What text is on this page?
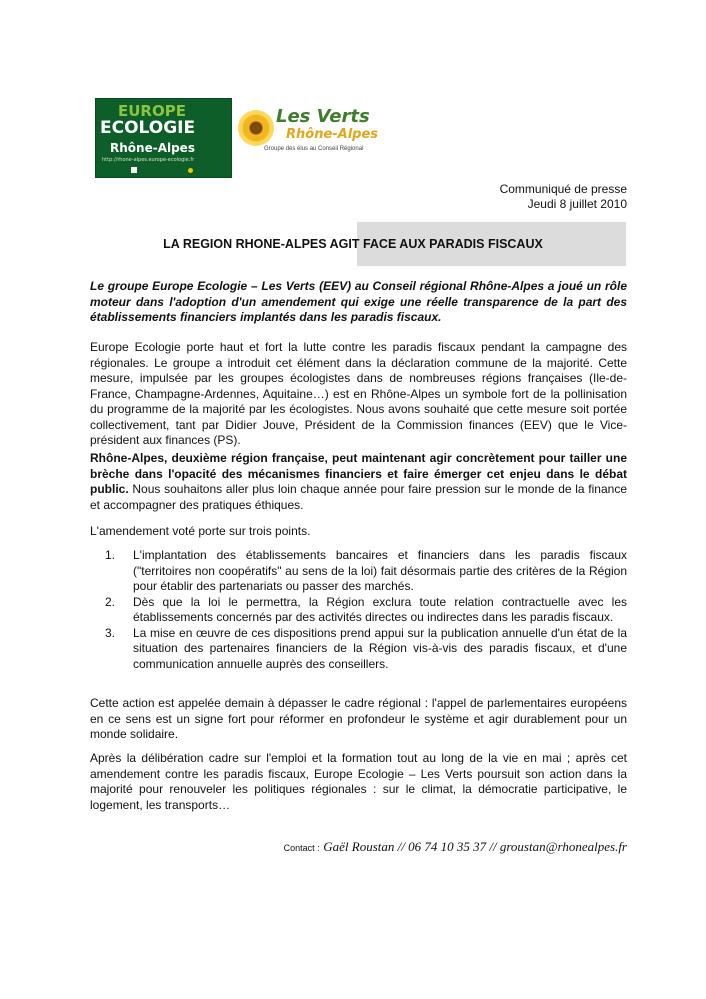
EUROPE
ECOLOGIE
Rhône-Alpes
http://rhone-alpes.europe-ecologie.fr
Les Verts
Rhône-Alpes
Groupe des élus au Conseil Régional
Communiqué de presse
Jeudi 8 juillet 2010
LA REGION RHONE-ALPES AGIT FACE AUX PARADIS FISCAUX
Le groupe Europe Ecologie – Les Verts (EEV) au Conseil régional Rhône-Alpes a joué un rôle moteur dans l'adoption d'un amendement qui exige une réelle transparence de la part des établissements financiers implantés dans les paradis fiscaux.
Europe Ecologie porte haut et fort la lutte contre les paradis fiscaux pendant la campagne des régionales. Le groupe a introduit cet élément dans la déclaration commune de la majorité. Cette mesure, impulsée par les groupes écologistes dans de nombreuses régions françaises (Ile-de-France, Champagne-Ardennes, Aquitaine…) est en Rhône-Alpes un symbole fort de la pollinisation du programme de la majorité par les écologistes. Nous avons souhaité que cette mesure soit portée collectivement, tant par Didier Jouve, Président de la Commission finances (EEV) que le Vice-président aux finances (PS).
Rhône-Alpes, deuxième région française, peut maintenant agir concrètement pour tailler une brèche dans l'opacité des mécanismes financiers et faire émerger cet enjeu dans le débat public. Nous souhaitons aller plus loin chaque année pour faire pression sur le monde de la finance et accompagner des pratiques éthiques.
L'amendement voté porte sur trois points.
1. L'implantation des établissements bancaires et financiers dans les paradis fiscaux ("territoires non coopératifs" au sens de la loi) fait désormais partie des critères de la Région pour établir des partenariats ou passer des marchés.
2. Dès que la loi le permettra, la Région exclura toute relation contractuelle avec les établissements concernés par des activités directes ou indirectes dans les paradis fiscaux.
3. La mise en œuvre de ces dispositions prend appui sur la publication annuelle d'un état de la situation des partenaires financiers de la Région vis-à-vis des paradis fiscaux, et d'une communication annuelle auprès des conseillers.
Cette action est appelée demain à dépasser le cadre régional : l'appel de parlementaires européens en ce sens est un signe fort pour réformer en profondeur le système et agir durablement pour un monde solidaire.
Après la délibération cadre sur l'emploi et la formation tout au long de la vie en mai ; après cet amendement contre les paradis fiscaux, Europe Ecologie – Les Verts poursuit son action dans la majorité pour renouveler les politiques régionales : sur le climat, la démocratie participative, le logement, les transports…
Contact : Gaël Roustan // 06 74 10 35 37 // groustan@rhonealpes.fr
